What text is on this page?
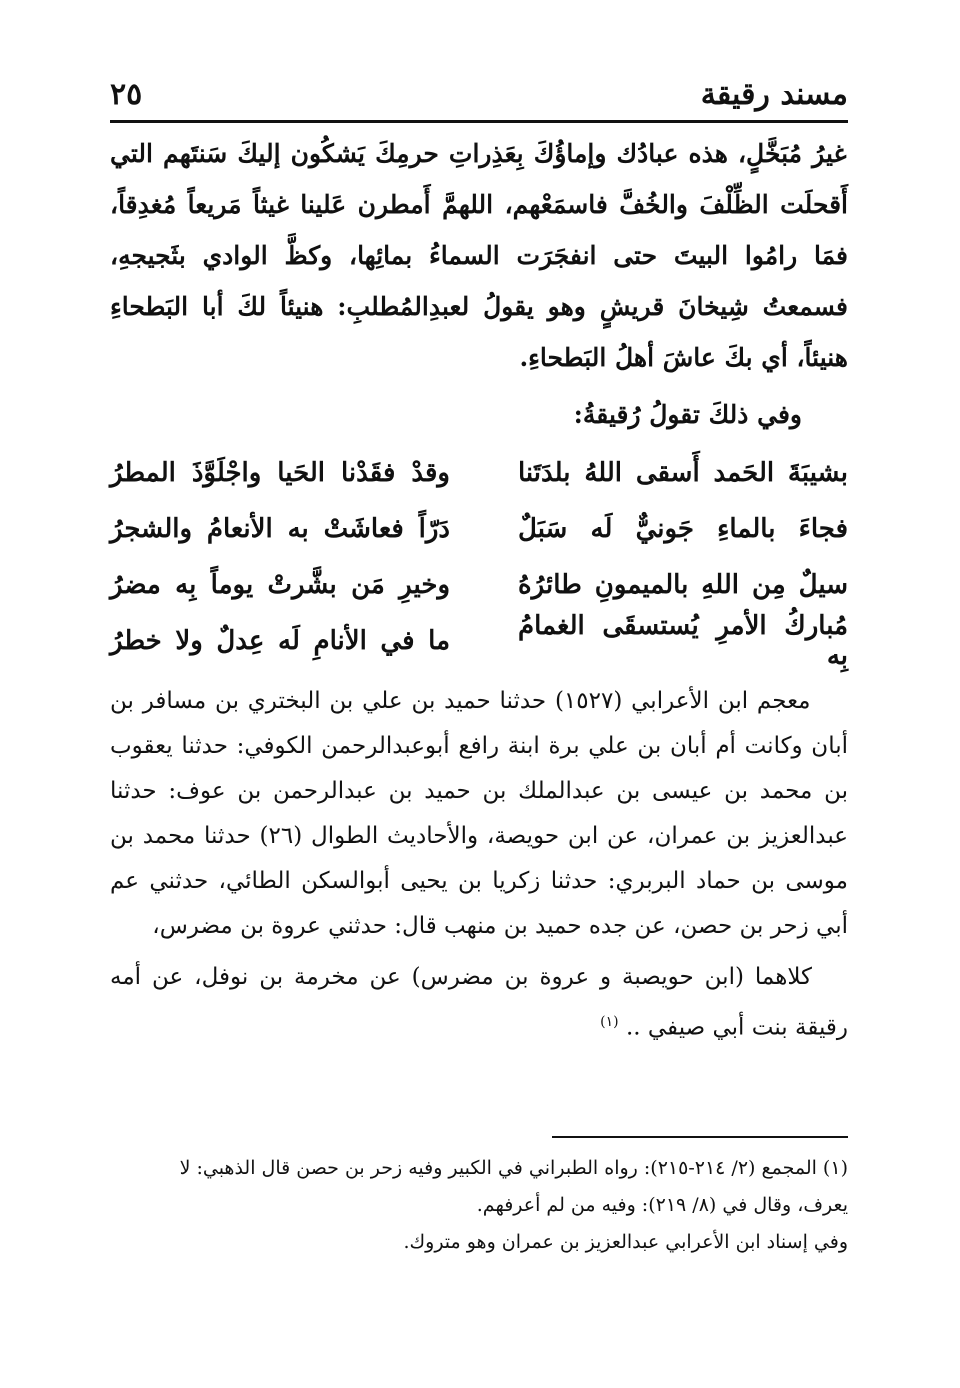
٢٥	مسند رقيقة

غيرُ مُبَخَّلٍ، هذه عبادُك وإماؤُكَ بِعَذِراتِ حرمِكَ يَشكُون إليكَ سَنتَهم التي أَقحلَت الظِّلْفَ والخُفَّ فاسمَعْهم، اللهمَّ أَمطرن عَلينا غيثاً مَريعاً مُغدِقاً، فمَا رامُوا البيتَ حتى انفجَرَت السماءُ بمائِها، وكظَّ الوادي بثَجيجهِ، فسمعتُ شِيخانَ قريشٍ وهو يقولُ لعبدِالمُطلبِ: هنيئاً لكَ أبا البَطحاءِ هنيئاً، أي بكَ عاشَ أهلُ البَطحاءِ.

وفي ذلكَ تقولُ رُقيقةُ:

بشيبَةَ الحَمد أَسقى اللهُ بلدَتَنا
وقدْ فقَدْنا الحَيا واجْلَوَّذَ المطرُ
فجاءَ بالماءِ جَونيٌّ لَه سَبَلٌ
دَرّاً فعاشَتْ به الأنعامُ والشجرُ
سيلٌ مِن اللهِ بالميمونِ طائرُهُ
وخيرِ مَن بشَّرتْ يوماً بِه مضرُ
مُباركُ الأمرِ يُستسقَى الغمامُ بِه
ما في الأنامِ لَه عِدلٌ ولا خطرُ

معجم ابن الأعرابي (١٥٢٧) حدثنا حميد بن علي بن البختري بن مسافر بن أبان وكانت أم أبان بن علي برة ابنة رافع أبوعبدالرحمن الكوفي: حدثنا يعقوب بن محمد بن عيسى بن عبدالملك بن حميد بن عبدالرحمن بن عوف: حدثنا عبدالعزيز بن عمران، عن ابن حويصة، والأحاديث الطوال (٢٦) حدثنا محمد بن موسى بن حماد البربري: حدثنا زكريا بن يحيى أبوالسكن الطائي، حدثني عم أبي زحر بن حصن، عن جده حميد بن منهب قال: حدثني عروة بن مضرس،

كلاهما (ابن حويصبة و عروة بن مضرس) عن مخرمة بن نوفل، عن أمه رقيقة بنت أبي صيفي .. $^{(١)}$

(١) المجمع (٢/ ٢١٤-٢١٥): رواه الطبراني في الكبير وفيه زحر بن حصن قال الذهبي: لا

يعرف، وقال في (٨/ ٢١٩): وفيه من لم أعرفهم.

وفي إسناد ابن الأعرابي عبدالعزيز بن عمران وهو متروك.
